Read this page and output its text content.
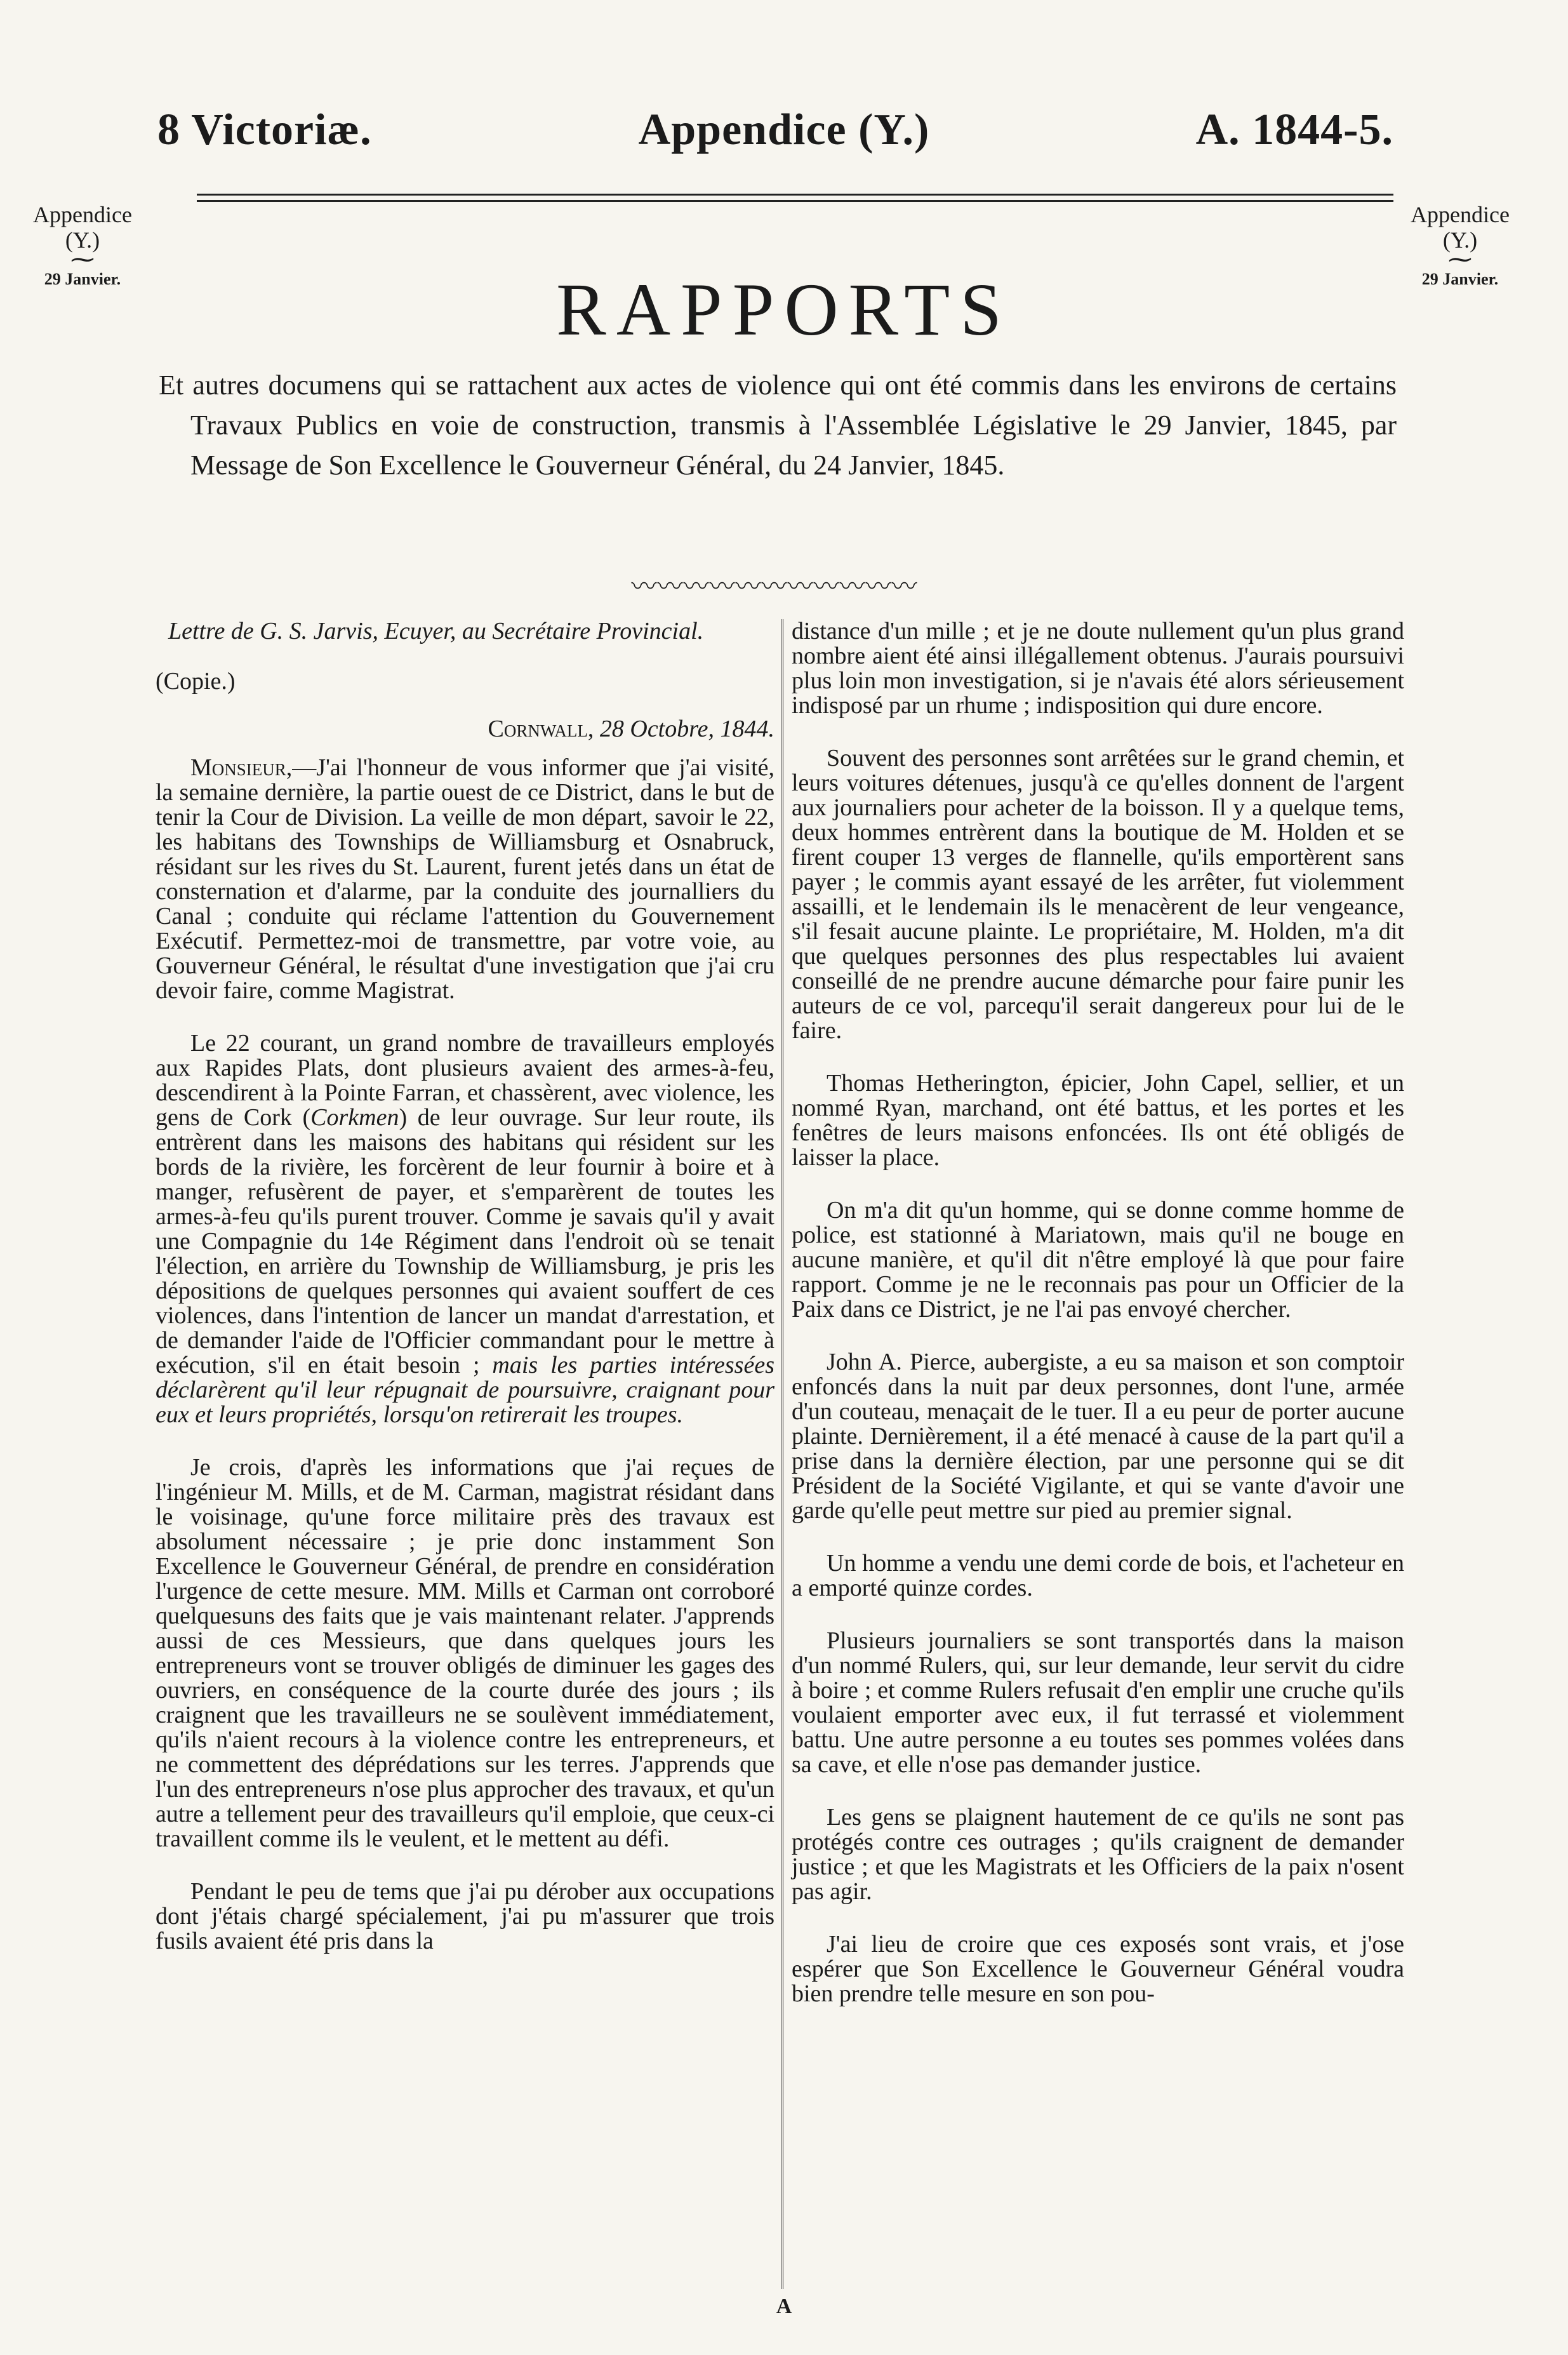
8 Victoriæ.	Appendice (Y.)	A. 1844-5.
Appendice
(Y.)
⁓
29 Janvier.
Appendice
(Y.)
⁓
29 Janvier.
RAPPORTS
Et autres documens qui se rattachent aux actes de violence qui ont été commis dans les environs de certains Travaux Publics en voie de construction, transmis à l'Assemblée Législative le 29 Janvier, 1845, par Message de Son Excellence le Gouverneur Général, du 24 Janvier, 1845.
〰〰〰〰〰〰〰〰〰〰〰

Lettre de G. S. Jarvis, Ecuyer, au Secrétaire Provincial.

(Copie.)

Cornwall, 28 Octobre, 1844.

Monsieur,—J'ai l'honneur de vous informer que j'ai visité, la semaine dernière, la partie ouest de ce District, dans le but de tenir la Cour de Division. La veille de mon départ, savoir le 22, les habitans des Townships de Williamsburg et Osnabruck, résidant sur les rives du St. Laurent, furent jetés dans un état de consternation et d'alarme, par la conduite des journalliers du Canal ; conduite qui réclame l'attention du Gouvernement Exécutif. Permettez-moi de transmettre, par votre voie, au Gouverneur Général, le résultat d'une investigation que j'ai cru devoir faire, comme Magistrat.

Le 22 courant, un grand nombre de travailleurs employés aux Rapides Plats, dont plusieurs avaient des armes-à-feu, descendirent à la Pointe Farran, et chassèrent, avec violence, les gens de Cork (Corkmen) de leur ouvrage. Sur leur route, ils entrèrent dans les maisons des habitans qui résident sur les bords de la rivière, les forcèrent de leur fournir à boire et à manger, refusèrent de payer, et s'emparèrent de toutes les armes-à-feu qu'ils purent trouver. Comme je savais qu'il y avait une Compagnie du 14e Régiment dans l'endroit où se tenait l'élection, en arrière du Township de Williamsburg, je pris les dépositions de quelques personnes qui avaient souffert de ces violences, dans l'intention de lancer un mandat d'arrestation, et de demander l'aide de l'Officier commandant pour le mettre à exécution, s'il en était besoin ; mais les parties intéressées déclarèrent qu'il leur répugnait de poursuivre, craignant pour eux et leurs propriétés, lorsqu'on retirerait les troupes.

Je crois, d'après les informations que j'ai reçues de l'ingénieur M. Mills, et de M. Carman, magistrat résidant dans le voisinage, qu'une force militaire près des travaux est absolument nécessaire ; je prie donc instamment Son Excellence le Gouverneur Général, de prendre en considération l'urgence de cette mesure. MM. Mills et Carman ont corroboré quelquesuns des faits que je vais maintenant relater. J'apprends aussi de ces Messieurs, que dans quelques jours les entrepreneurs vont se trouver obligés de diminuer les gages des ouvriers, en conséquence de la courte durée des jours ; ils craignent que les travailleurs ne se soulèvent immédiatement, qu'ils n'aient recours à la violence contre les entrepreneurs, et ne commettent des déprédations sur les terres. J'apprends que l'un des entrepreneurs n'ose plus approcher des travaux, et qu'un autre a tellement peur des travailleurs qu'il emploie, que ceux-ci travaillent comme ils le veulent, et le mettent au défi.

Pendant le peu de tems que j'ai pu dérober aux occupations dont j'étais chargé spécialement, j'ai pu m'assurer que trois fusils avaient été pris dans la

distance d'un mille ; et je ne doute nullement qu'un plus grand nombre aient été ainsi illégallement obtenus. J'aurais poursuivi plus loin mon investigation, si je n'avais été alors sérieusement indisposé par un rhume ; indisposition qui dure encore.

Souvent des personnes sont arrêtées sur le grand chemin, et leurs voitures détenues, jusqu'à ce qu'elles donnent de l'argent aux journaliers pour acheter de la boisson. Il y a quelque tems, deux hommes entrèrent dans la boutique de M. Holden et se firent couper 13 verges de flannelle, qu'ils emportèrent sans payer ; le commis ayant essayé de les arrêter, fut violemment assailli, et le lendemain ils le menacèrent de leur vengeance, s'il fesait aucune plainte. Le propriétaire, M. Holden, m'a dit que quelques personnes des plus respectables lui avaient conseillé de ne prendre aucune démarche pour faire punir les auteurs de ce vol, parcequ'il serait dangereux pour lui de le faire.

Thomas Hetherington, épicier, John Capel, sellier, et un nommé Ryan, marchand, ont été battus, et les portes et les fenêtres de leurs maisons enfoncées. Ils ont été obligés de laisser la place.

On m'a dit qu'un homme, qui se donne comme homme de police, est stationné à Mariatown, mais qu'il ne bouge en aucune manière, et qu'il dit n'être employé là que pour faire rapport. Comme je ne le reconnais pas pour un Officier de la Paix dans ce District, je ne l'ai pas envoyé chercher.

John A. Pierce, aubergiste, a eu sa maison et son comptoir enfoncés dans la nuit par deux personnes, dont l'une, armée d'un couteau, menaçait de le tuer. Il a eu peur de porter aucune plainte. Dernièrement, il a été menacé à cause de la part qu'il a prise dans la dernière élection, par une personne qui se dit Président de la Société Vigilante, et qui se vante d'avoir une garde qu'elle peut mettre sur pied au premier signal.

Un homme a vendu une demi corde de bois, et l'acheteur en a emporté quinze cordes.

Plusieurs journaliers se sont transportés dans la maison d'un nommé Rulers, qui, sur leur demande, leur servit du cidre à boire ; et comme Rulers refusait d'en emplir une cruche qu'ils voulaient emporter avec eux, il fut terrassé et violemment battu. Une autre personne a eu toutes ses pommes volées dans sa cave, et elle n'ose pas demander justice.

Les gens se plaignent hautement de ce qu'ils ne sont pas protégés contre ces outrages ; qu'ils craignent de demander justice ; et que les Magistrats et les Officiers de la paix n'osent pas agir.

J'ai lieu de croire que ces exposés sont vrais, et j'ose espérer que Son Excellence le Gouverneur Général voudra bien prendre telle mesure en son pou-

A
